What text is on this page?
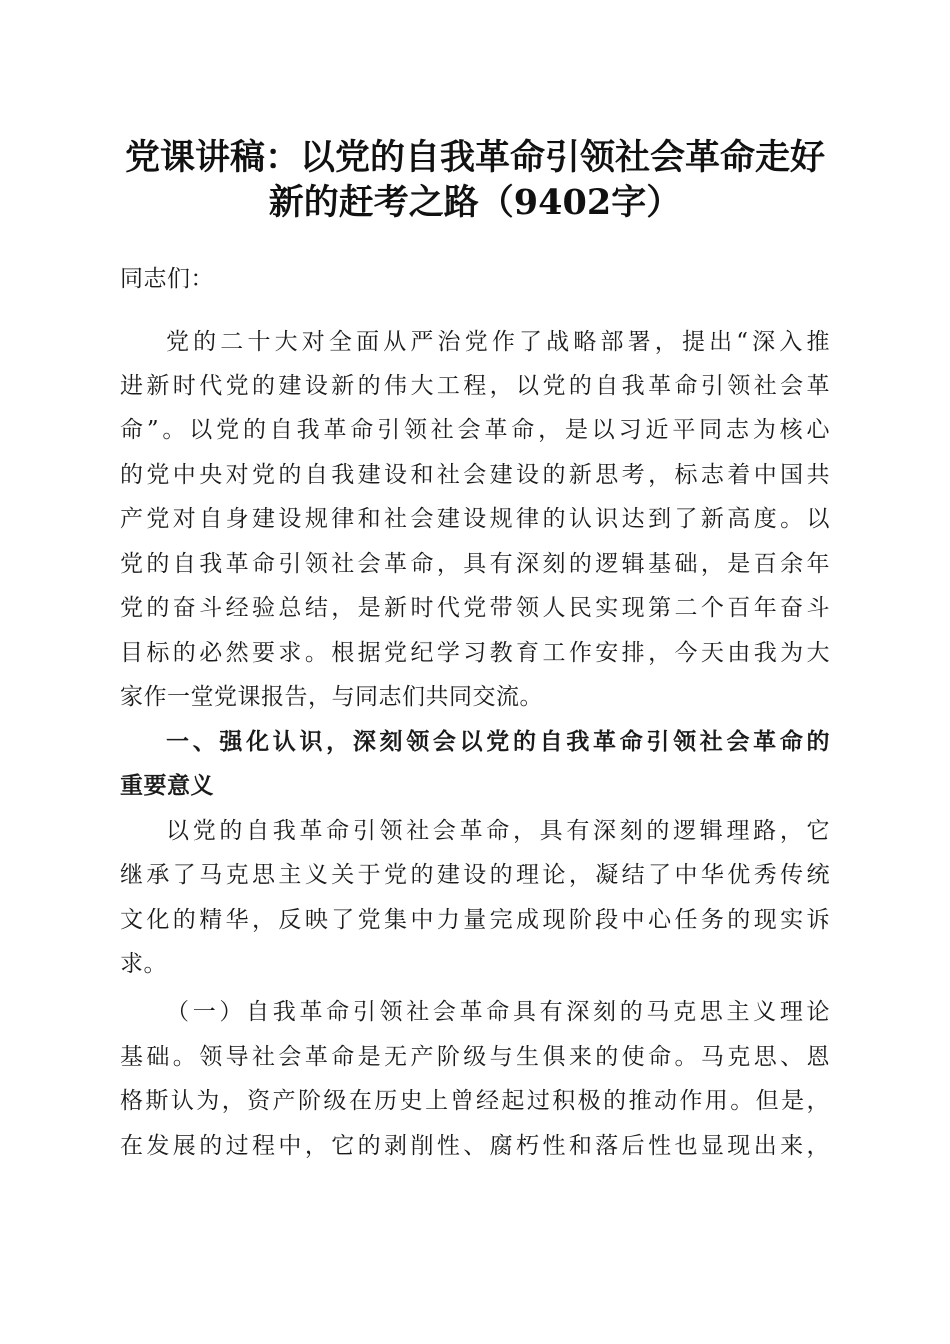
党课讲稿：以党的自我革命引领社会革命走好
新的赶考之路（9402字）

同志们：

党的二十大对全面从严治党作了战略部署，提出“深入推

进新时代党的建设新的伟大工程，以党的自我革命引领社会革

命”。以党的自我革命引领社会革命，是以习近平同志为核心

的党中央对党的自我建设和社会建设的新思考，标志着中国共

产党对自身建设规律和社会建设规律的认识达到了新高度。以

党的自我革命引领社会革命，具有深刻的逻辑基础，是百余年

党的奋斗经验总结，是新时代党带领人民实现第二个百年奋斗

目标的必然要求。根据党纪学习教育工作安排，今天由我为大

家作一堂党课报告，与同志们共同交流。

一、强化认识，深刻领会以党的自我革命引领社会革命的

重要意义

以党的自我革命引领社会革命，具有深刻的逻辑理路，它

继承了马克思主义关于党的建设的理论，凝结了中华优秀传统

文化的精华，反映了党集中力量完成现阶段中心任务的现实诉

求。

（一）自我革命引领社会革命具有深刻的马克思主义理论

基础。领导社会革命是无产阶级与生俱来的使命。马克思、恩

格斯认为，资产阶级在历史上曾经起过积极的推动作用。但是，

在发展的过程中，它的剥削性、腐朽性和落后性也显现出来，
